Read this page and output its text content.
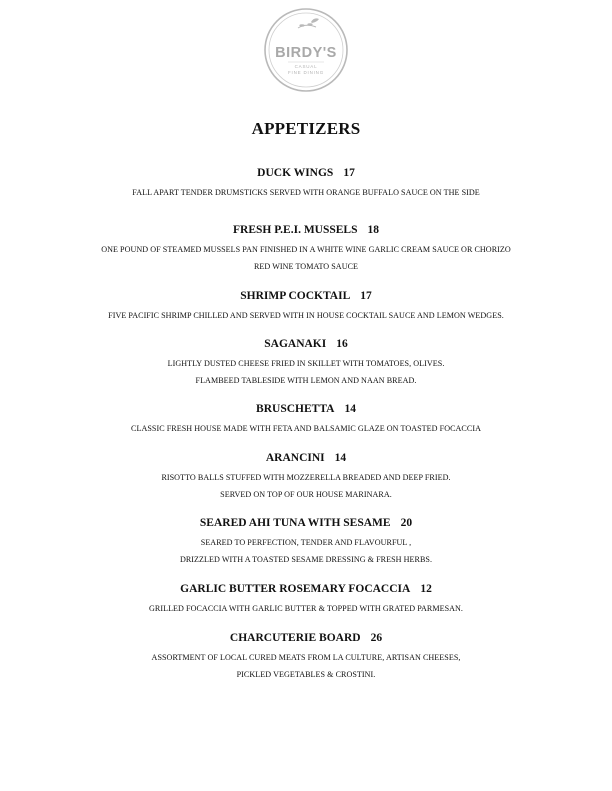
BIRDY'S
CASUAL
FINE DINING
APPETIZERS
DUCK WINGS 17
FALL APART TENDER DRUMSTICKS SERVED WITH ORANGE BUFFALO SAUCE ON THE SIDE
FRESH P.E.I. MUSSELS 18
ONE POUND OF STEAMED MUSSELS PAN FINISHED IN A WHITE WINE GARLIC CREAM SAUCE OR CHORIZO
RED WINE TOMATO SAUCE
SHRIMP COCKTAIL 17
FIVE PACIFIC SHRIMP CHILLED AND SERVED WITH IN HOUSE COCKTAIL SAUCE AND LEMON WEDGES.
SAGANAKI 16
LIGHTLY DUSTED CHEESE FRIED IN SKILLET WITH TOMATOES, OLIVES.
FLAMBEED TABLESIDE WITH LEMON AND NAAN BREAD.
BRUSCHETTA 14
CLASSIC FRESH HOUSE MADE WITH FETA AND BALSAMIC GLAZE ON TOASTED FOCACCIA
ARANCINI 14
RISOTTO BALLS STUFFED WITH MOZZERELLA BREADED AND DEEP FRIED.
SERVED ON TOP OF OUR HOUSE MARINARA.
SEARED AHI TUNA WITH SESAME 20
SEARED TO PERFECTION, TENDER AND FLAVOURFUL ,
DRIZZLED WITH A TOASTED SESAME DRESSING & FRESH HERBS.
GARLIC BUTTER ROSEMARY FOCACCIA 12
GRILLED FOCACCIA WITH GARLIC BUTTER & TOPPED WITH GRATED PARMESAN.
CHARCUTERIE BOARD 26
ASSORTMENT OF LOCAL CURED MEATS FROM LA CULTURE, ARTISAN CHEESES,
PICKLED VEGETABLES & CROSTINI.
